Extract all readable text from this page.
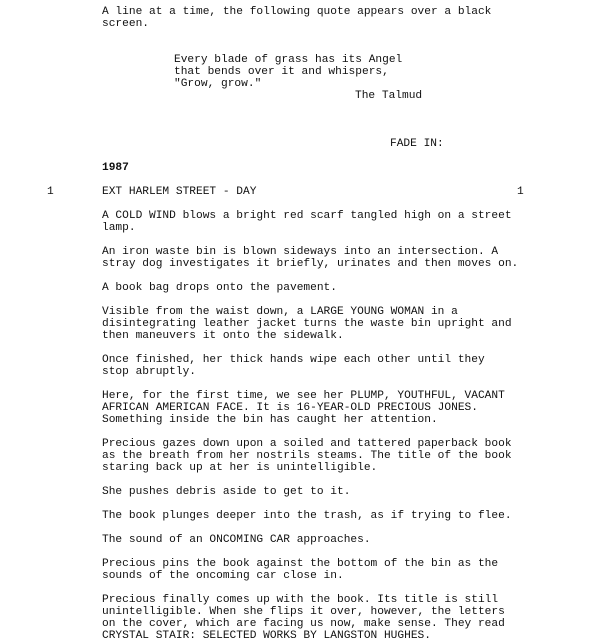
A line at a time, the following quote appears over a black
screen.
Every blade of grass has its Angel
that bends over it and whispers,
"Grow, grow."
The Talmud
FADE IN:
1987
1	EXT HARLEM STREET - DAY	1
A COLD WIND blows a bright red scarf tangled high on a street
lamp.
An iron waste bin is blown sideways into an intersection. A
stray dog investigates it briefly, urinates and then moves on.
A book bag drops onto the pavement.
Visible from the waist down, a LARGE YOUNG WOMAN in a
disintegrating leather jacket turns the waste bin upright and
then maneuvers it onto the sidewalk.
Once finished, her thick hands wipe each other until they
stop abruptly.
Here, for the first time, we see her PLUMP, YOUTHFUL, VACANT
AFRICAN AMERICAN FACE. It is 16-YEAR-OLD PRECIOUS JONES.
Something inside the bin has caught her attention.
Precious gazes down upon a soiled and tattered paperback book
as the breath from her nostrils steams. The title of the book
staring back up at her is unintelligible.
She pushes debris aside to get to it.
The book plunges deeper into the trash, as if trying to flee.
The sound of an ONCOMING CAR approaches.
Precious pins the book against the bottom of the bin as the
sounds of the oncoming car close in.
Precious finally comes up with the book. Its title is still
unintelligible. When she flips it over, however, the letters
on the cover, which are facing us now, make sense. They read
CRYSTAL STAIR: SELECTED WORKS BY LANGSTON HUGHES.
